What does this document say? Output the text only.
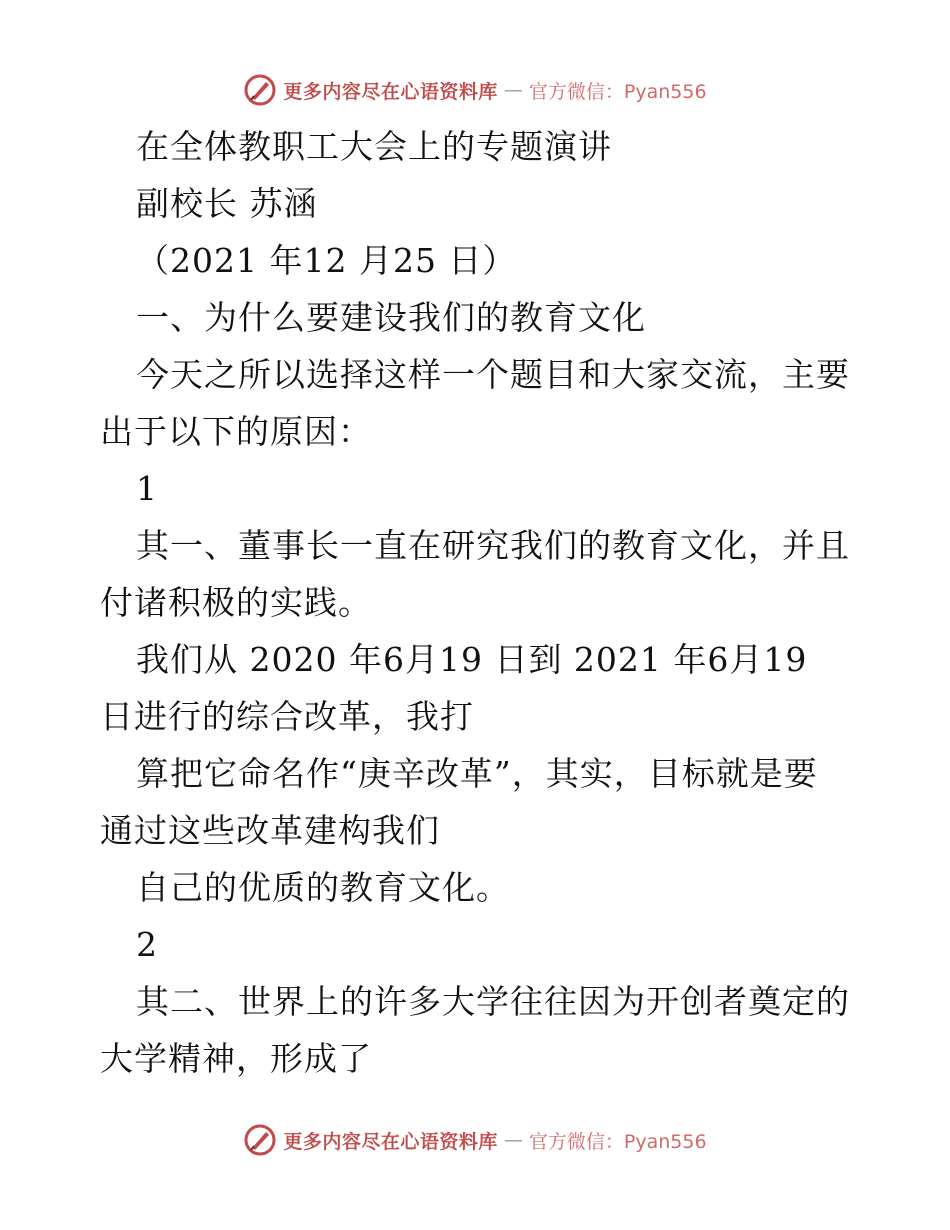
更多内容尽在心语资料库 — 官方微信：Pyan556
在全体教职工大会上的专题演讲
副校长 苏涵
（2021 年12 月25 日）
一、为什么要建设我们的教育文化
今天之所以选择这样一个题目和大家交流，主要
出于以下的原因：
1
其一、董事长一直在研究我们的教育文化，并且
付诸积极的实践。
我们从 2020 年6月19 日到 2021 年6月19
日进行的综合改革，我打
算把它命名作“庚辛改革”，其实，目标就是要
通过这些改革建构我们
自己的优质的教育文化。
2
其二、世界上的许多大学往往因为开创者奠定的
大学精神，形成了
更多内容尽在心语资料库 — 官方微信：Pyan556
